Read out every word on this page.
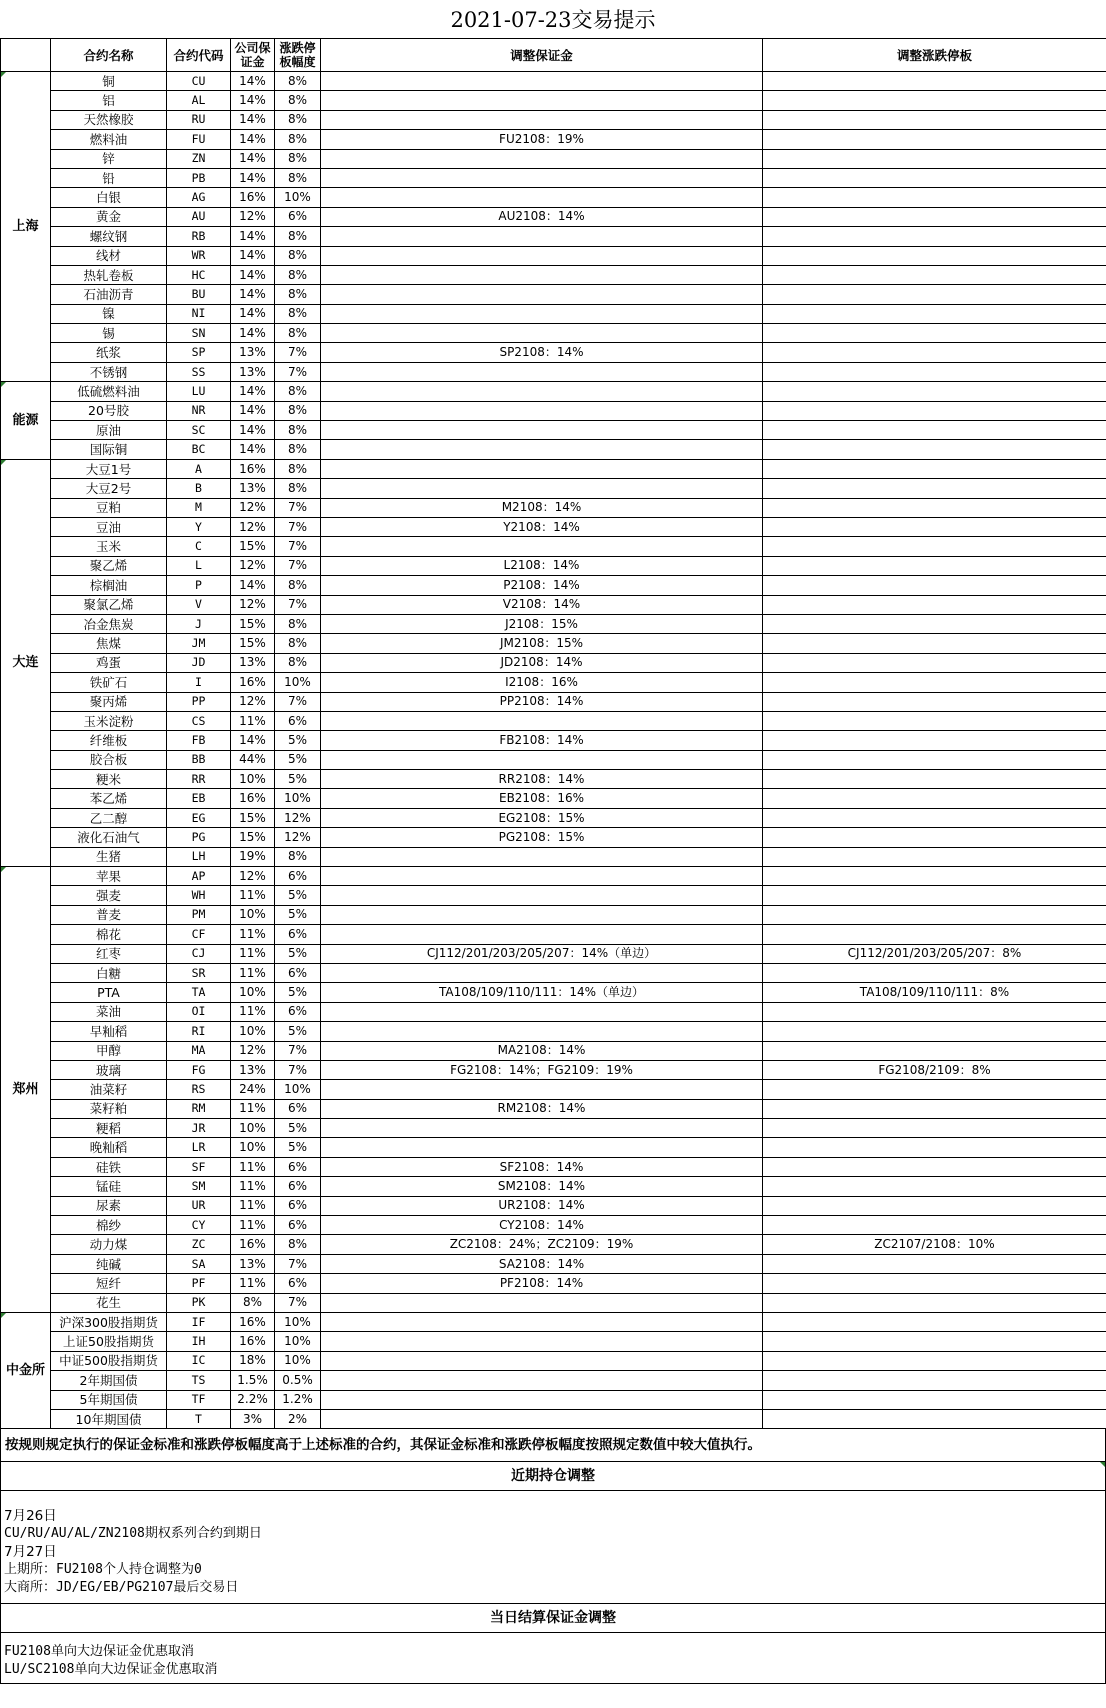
2021-07-23交易提示
	合约名称	合约代码	公司保证金	涨跌停板幅度	调整保证金	调整涨跌停板

上海	铜	CU	14%	8%		
	铝	AL	14%	8%		
	天然橡胶	RU	14%	8%		
	燃料油	FU	14%	8%	FU2108：19%	
	锌	ZN	14%	8%		
	铅	PB	14%	8%		
	白银	AG	16%	10%		
	黄金	AU	12%	6%	AU2108：14%	
	螺纹钢	RB	14%	8%		
	线材	WR	14%	8%		
	热轧卷板	HC	14%	8%		
	石油沥青	BU	14%	8%		
	镍	NI	14%	8%		
	锡	SN	14%	8%		
	纸浆	SP	13%	7%	SP2108：14%	
	不锈钢	SS	13%	7%		

能源	低硫燃料油	LU	14%	8%		
	20号胶	NR	14%	8%		
	原油	SC	14%	8%		
	国际铜	BC	14%	8%		

大连	大豆1号	A	16%	8%		
	大豆2号	B	13%	8%		
	豆粕	M	12%	7%	M2108：14%	
	豆油	Y	12%	7%	Y2108：14%	
	玉米	C	15%	7%		
	聚乙烯	L	12%	7%	L2108：14%	
	棕榈油	P	14%	8%	P2108：14%	
	聚氯乙烯	V	12%	7%	V2108：14%	
	冶金焦炭	J	15%	8%	J2108：15%	
	焦煤	JM	15%	8%	JM2108：15%	
	鸡蛋	JD	13%	8%	JD2108：14%	
	铁矿石	I	16%	10%	I2108：16%	
	聚丙烯	PP	12%	7%	PP2108：14%	
	玉米淀粉	CS	11%	6%		
	纤维板	FB	14%	5%	FB2108：14%	
	胶合板	BB	44%	5%		
	粳米	RR	10%	5%	RR2108：14%	
	苯乙烯	EB	16%	10%	EB2108：16%	
	乙二醇	EG	15%	12%	EG2108：15%	
	液化石油气	PG	15%	12%	PG2108：15%	
	生猪	LH	19%	8%		

郑州	苹果	AP	12%	6%		
	强麦	WH	11%	5%		
	普麦	PM	10%	5%		
	棉花	CF	11%	6%		
	红枣	CJ	11%	5%	CJ112/201/203/205/207：14%（单边）	CJ112/201/203/205/207：8%
	白糖	SR	11%	6%		
	PTA	TA	10%	5%	TA108/109/110/111：14%（单边）	TA108/109/110/111：8%
	菜油	OI	11%	6%		
	早籼稻	RI	10%	5%		
	甲醇	MA	12%	7%	MA2108：14%	
	玻璃	FG	13%	7%	FG2108：14%；FG2109：19%	FG2108/2109：8%
	油菜籽	RS	24%	10%		
	菜籽粕	RM	11%	6%	RM2108：14%	
	粳稻	JR	10%	5%		
	晚籼稻	LR	10%	5%		
	硅铁	SF	11%	6%	SF2108：14%	
	锰硅	SM	11%	6%	SM2108：14%	
	尿素	UR	11%	6%	UR2108：14%	
	棉纱	CY	11%	6%	CY2108：14%	
	动力煤	ZC	16%	8%	ZC2108：24%；ZC2109：19%	ZC2107/2108：10%
	纯碱	SA	13%	7%	SA2108：14%	
	短纤	PF	11%	6%	PF2108：14%	
	花生	PK	8%	7%		

中金所	沪深300股指期货	IF	16%	10%		
	上证50股指期货	IH	16%	10%		
	中证500股指期货	IC	18%	10%		
	2年期国债	TS	1.5%	0.5%		
	5年期国债	TF	2.2%	1.2%		
	10年期国债	T	3%	2%		
按规则规定执行的保证金标准和涨跌停板幅度高于上述标准的合约，其保证金标准和涨跌停板幅度按照规定数值中较大值执行。
近期持仓调整
7月26日
CU/RU/AU/AL/ZN2108期权系列合约到期日
7月27日
上期所：FU2108个人持仓调整为0
大商所：JD/EG/EB/PG2107最后交易日
当日结算保证金调整
FU2108单向大边保证金优惠取消
LU/SC2108单向大边保证金优惠取消
